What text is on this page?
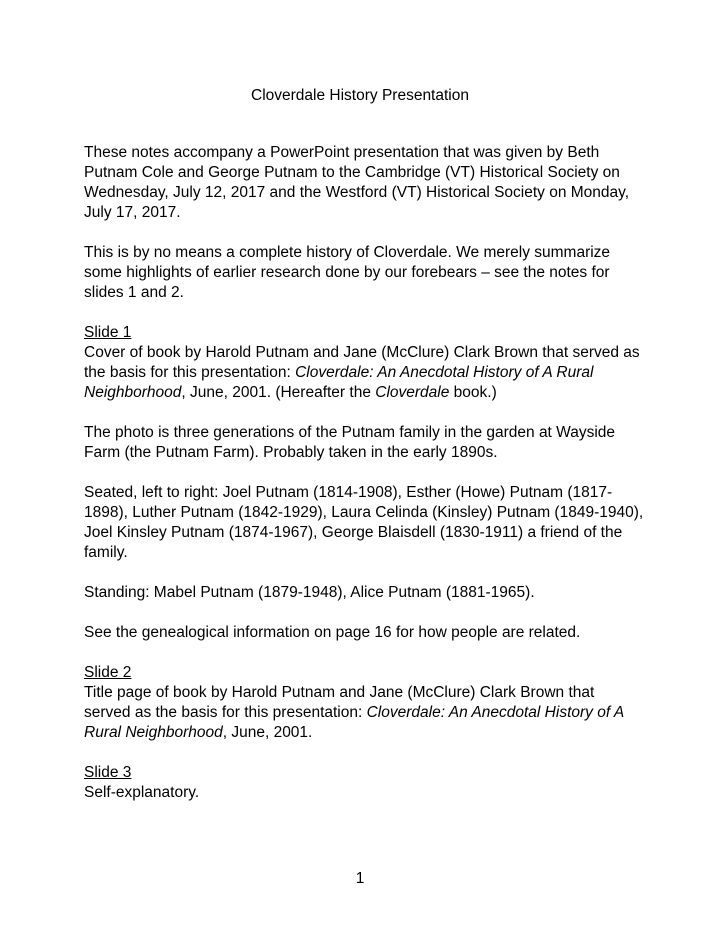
Cloverdale History Presentation

These notes accompany a PowerPoint presentation that was given by Beth Putnam Cole and George Putnam to the Cambridge (VT) Historical Society on Wednesday, July 12, 2017 and the Westford (VT) Historical Society on Monday, July 17, 2017.

This is by no means a complete history of Cloverdale. We merely summarize some highlights of earlier research done by our forebears – see the notes for slides 1 and 2.

Slide 1
Cover of book by Harold Putnam and Jane (McClure) Clark Brown that served as the basis for this presentation: Cloverdale: An Anecdotal History of A Rural Neighborhood, June, 2001. (Hereafter the Cloverdale book.)

The photo is three generations of the Putnam family in the garden at Wayside Farm (the Putnam Farm). Probably taken in the early 1890s.

Seated, left to right: Joel Putnam (1814-1908), Esther (Howe) Putnam (1817-1898), Luther Putnam (1842-1929), Laura Celinda (Kinsley) Putnam (1849-1940), Joel Kinsley Putnam (1874-1967), George Blaisdell (1830-1911) a friend of the family.

Standing: Mabel Putnam (1879-1948), Alice Putnam (1881-1965).

See the genealogical information on page 16 for how people are related.

Slide 2
Title page of book by Harold Putnam and Jane (McClure) Clark Brown that served as the basis for this presentation: Cloverdale: An Anecdotal History of A Rural Neighborhood, June, 2001.

Slide 3
Self-explanatory.

1
